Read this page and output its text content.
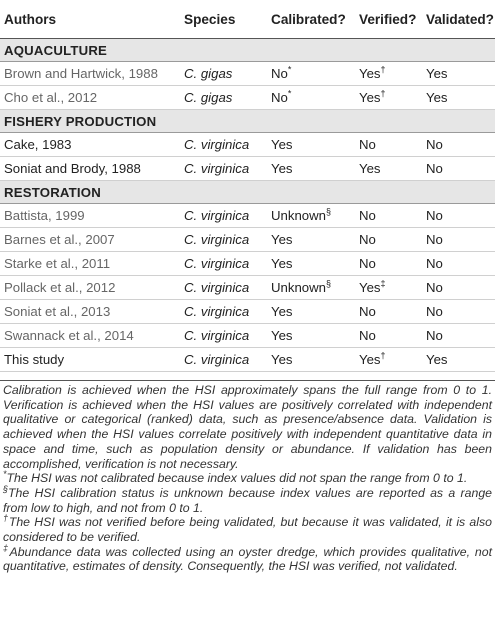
Authors	Species	Calibrated?	Verified?	Validated?
AQUACULTURE				
Brown and Hartwick, 1988	C. gigas	No*	Yes†	Yes
Cho et al., 2012	C. gigas	No*	Yes†	Yes
FISHERY PRODUCTION				
Cake, 1983	C. virginica	Yes	No	No
Soniat and Brody, 1988	C. virginica	Yes	Yes	No
RESTORATION				
Battista, 1999	C. virginica	Unknown§	No	No
Barnes et al., 2007	C. virginica	Yes	No	No
Starke et al., 2011	C. virginica	Yes	No	No
Pollack et al., 2012	C. virginica	Unknown§	Yes‡	No
Soniat et al., 2013	C. virginica	Yes	No	No
Swannack et al., 2014	C. virginica	Yes	No	No
This study	C. virginica	Yes	Yes†	Yes

Calibration is achieved when the HSI approximately spans the full range from 0 to 1. Verification is achieved when the HSI values are positively correlated with independent qualitative or categorical (ranked) data, such as presence/absence data. Validation is achieved when the HSI values correlate positively with independent quantitative data in space and time, such as population density or abundance. If validation has been accomplished, verification is not necessary.

*The HSI was not calibrated because index values did not span the range from 0 to 1.

§The HSI calibration status is unknown because index values are reported as a range from low to high, and not from 0 to 1.

†The HSI was not verified before being validated, but because it was validated, it is also considered to be verified.

‡Abundance data was collected using an oyster dredge, which provides qualitative, not quantitative, estimates of density. Consequently, the HSI was verified, not validated.
